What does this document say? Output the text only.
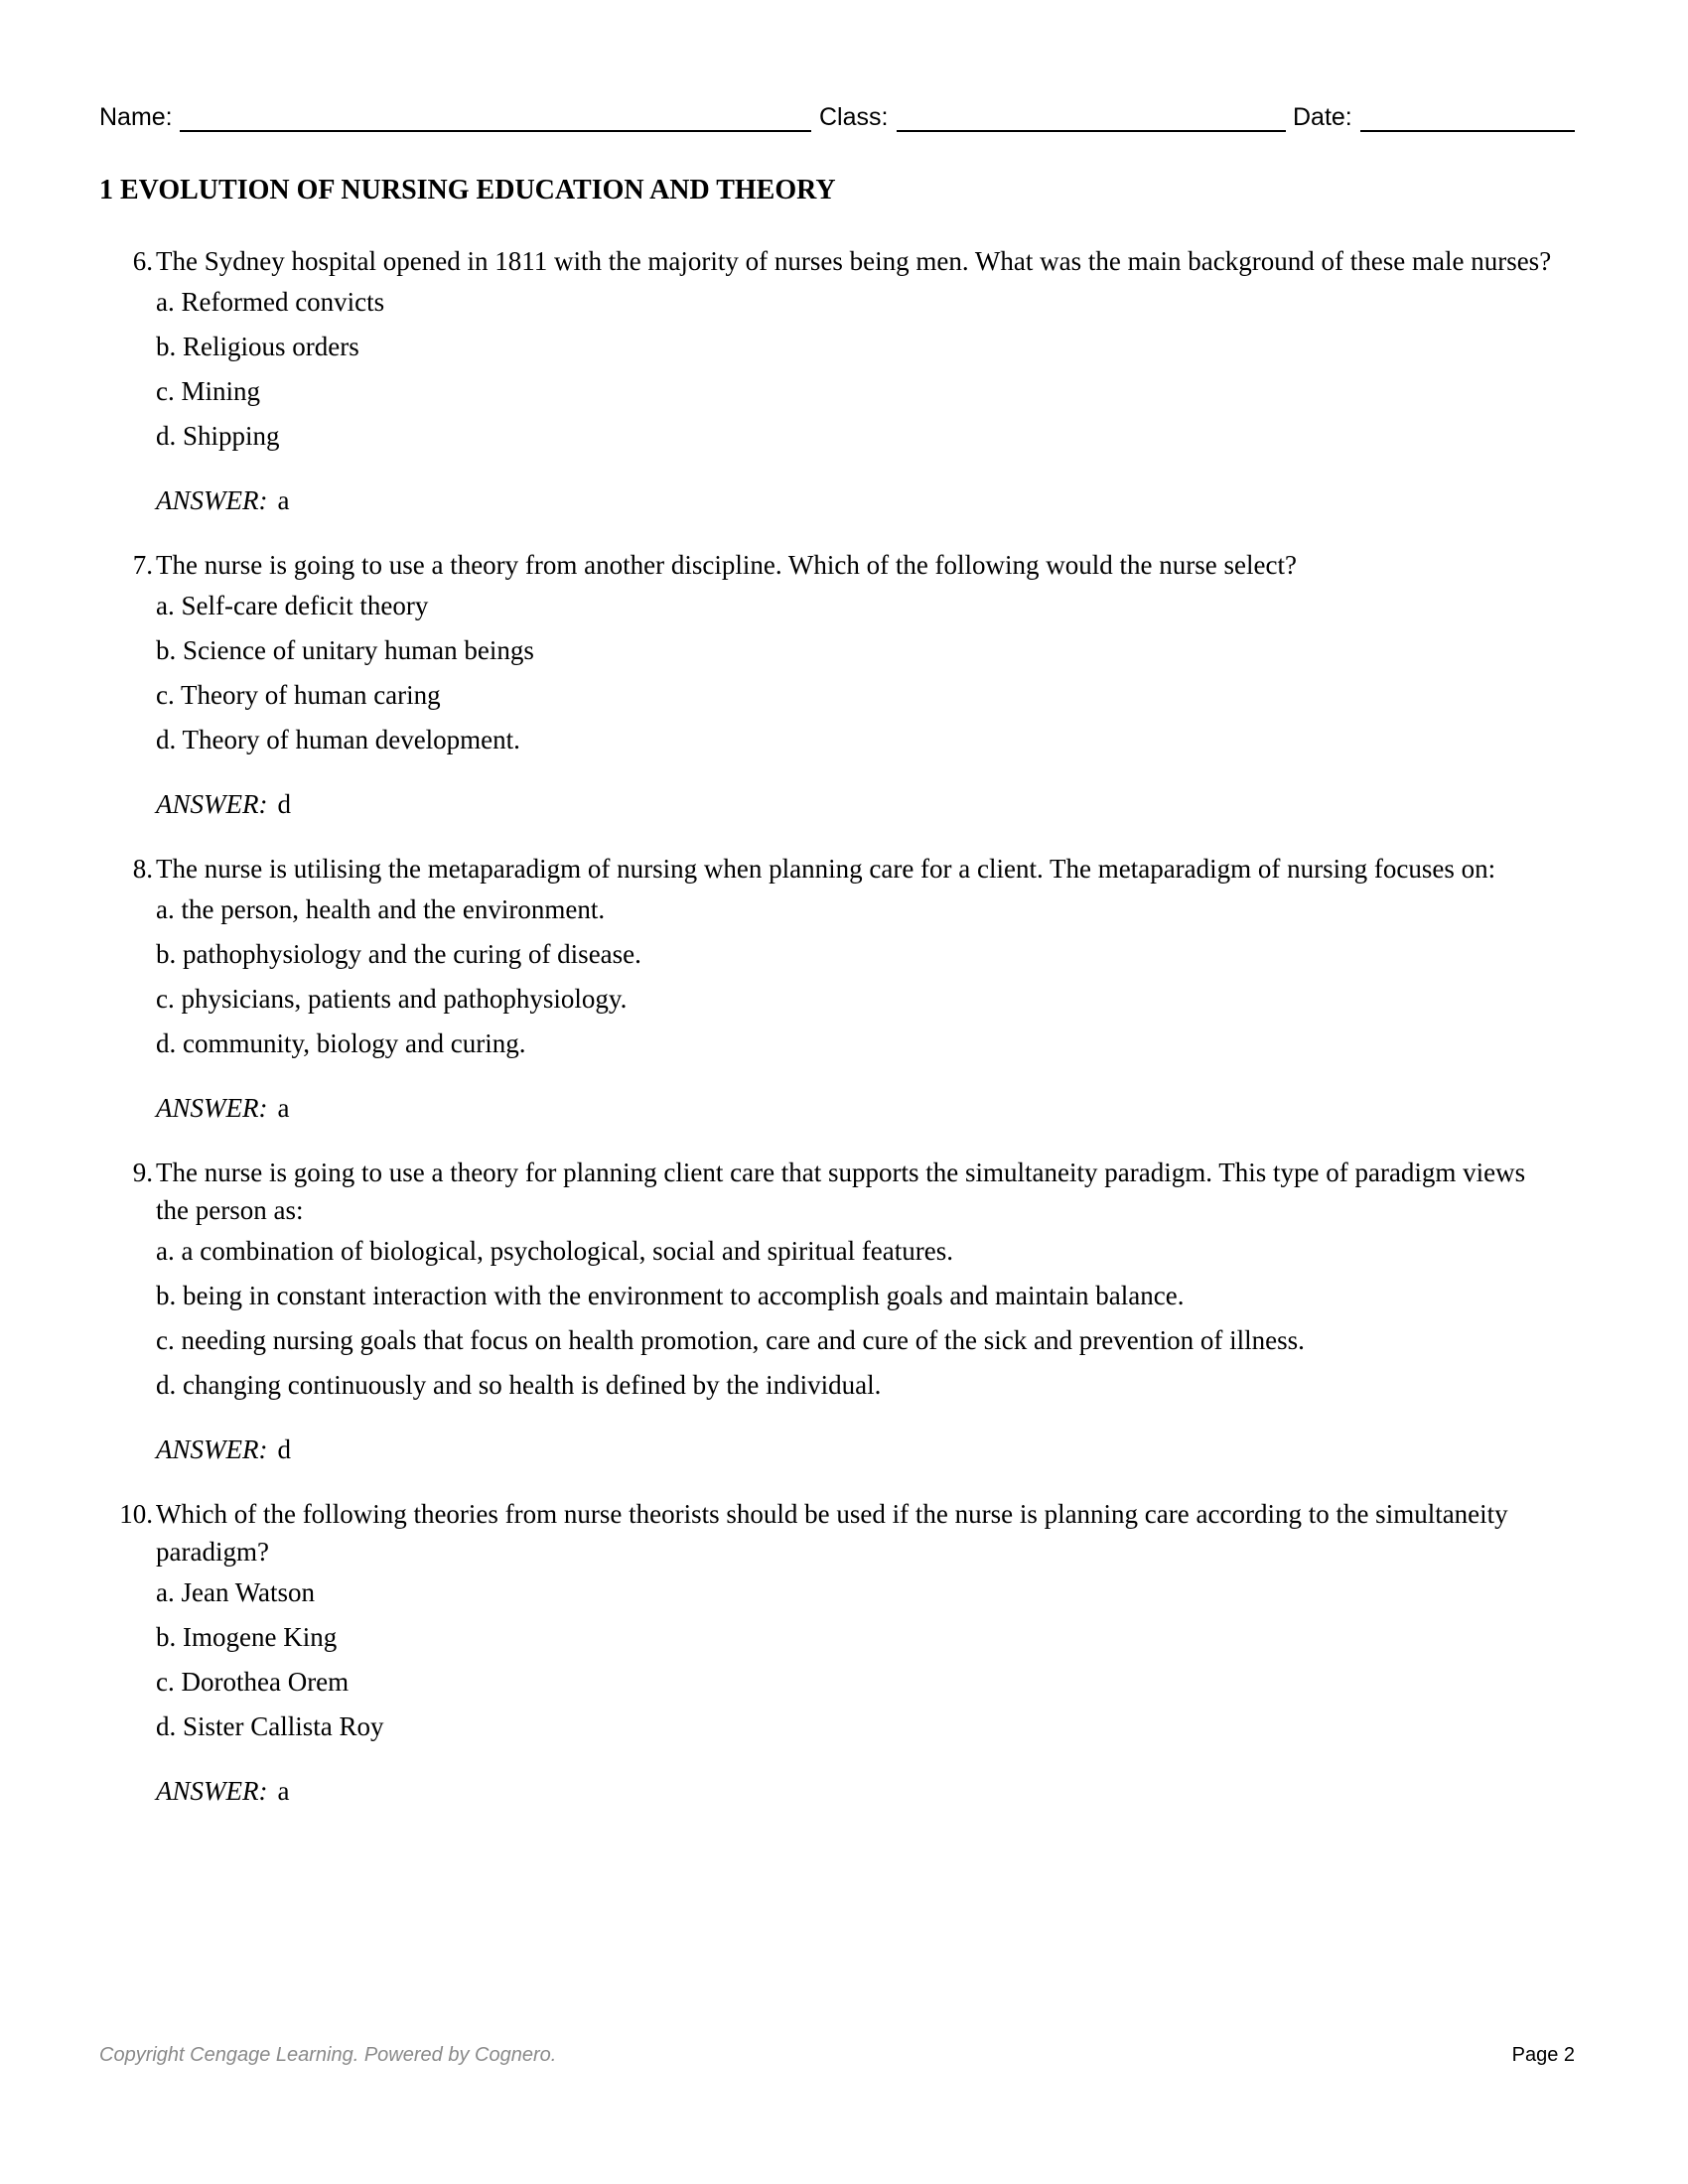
Name:	Class:	Date:
1 EVOLUTION OF NURSING EDUCATION AND THEORY
6. The Sydney hospital opened in 1811 with the majority of nurses being men. What was the main background of these male nurses?
a. Reformed convicts
b. Religious orders
c. Mining
d. Shipping
ANSWER: a
7. The nurse is going to use a theory from another discipline. Which of the following would the nurse select?
a. Self-care deficit theory
b. Science of unitary human beings
c. Theory of human caring
d. Theory of human development.
ANSWER: d
8. The nurse is utilising the metaparadigm of nursing when planning care for a client. The metaparadigm of nursing focuses on:
a. the person, health and the environment.
b. pathophysiology and the curing of disease.
c. physicians, patients and pathophysiology.
d. community, biology and curing.
ANSWER: a
9. The nurse is going to use a theory for planning client care that supports the simultaneity paradigm. This type of paradigm views the person as:
a. a combination of biological, psychological, social and spiritual features.
b. being in constant interaction with the environment to accomplish goals and maintain balance.
c. needing nursing goals that focus on health promotion, care and cure of the sick and prevention of illness.
d. changing continuously and so health is defined by the individual.
ANSWER: d
10. Which of the following theories from nurse theorists should be used if the nurse is planning care according to the simultaneity paradigm?
a. Jean Watson
b. Imogene King
c. Dorothea Orem
d. Sister Callista Roy
ANSWER: a
Copyright Cengage Learning. Powered by Cognero.	Page 2
